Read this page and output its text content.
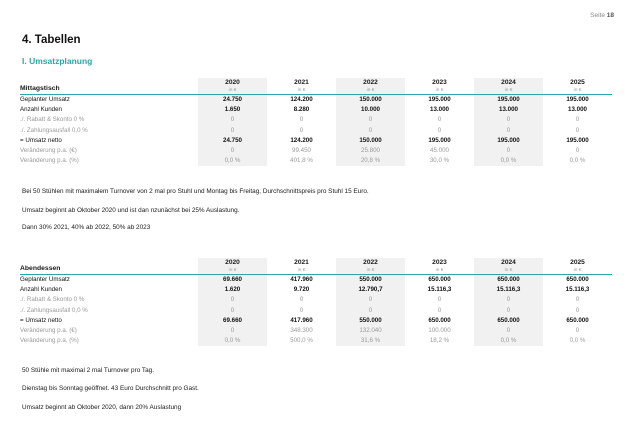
Seite 18
4. Tabellen
I. Umsatzplanung
Mittagstisch	2020	2021	2022	2023	2024	2025
	in €	in €	in €	in €	in €	in €

Geplanter Umsatz	24.750	124.200	150.000	195.000	195.000	195.000
Anzahl Kunden	1.650	8.280	10.000	13.000	13.000	13.000
./. Rabatt & Skonto 0 %	0	0	0	0	0	0
./. Zahlungsausfall 0,0 %	0	0	0	0	0	0
= Umsatz netto	24.750	124.200	150.000	195.000	195.000	195.000
Veränderung p.a. (€)	0	99.450	25.800	45.000	0	0
Veränderung p.a. (%)	0,0 %	401,8 %	20,8 %	30,0 %	0,0 %	0,0 %
Abendessen	2020	2021	2022	2023	2024	2025
	in €	in €	in €	in €	in €	in €

Geplanter Umsatz	69.660	417.960	550.000	650.000	650.000	650.000
Anzahl Kunden	1.620	9.720	12.790,7	15.116,3	15.116,3	15.116,3
./. Rabatt & Skonto 0 %	0	0	0	0	0	0
./. Zahlungsausfall 0,0 %	0	0	0	0	0	0
= Umsatz netto	69.660	417.960	550.000	650.000	650.000	650.000
Veränderung p.a. (€)	0	348.300	132.040	100.000	0	0
Veränderung p.a. (%)	0,0 %	500,0 %	31,6 %	18,2 %	0,0 %	0,0 %
Bei 50 Stühlen mit maximalem Turnover von 2 mal pro Stuhl und Montag bis Freitag, Durchschnittspreis pro Stuhl 15 Euro.
Umsatz beginnt ab Oktober 2020 und ist dan nzunächst bei 25% Auslastung.
Dann 30% 2021, 40% ab 2022, 50% ab 2023
50 Stühle mit maximal 2 mal Turnover pro Tag.
Dienstag bis Sonntag geöffnet. 43 Euro Durchschnitt pro Gast.
Umsatz beginnt ab Oktober 2020, dann 20% Auslastung
